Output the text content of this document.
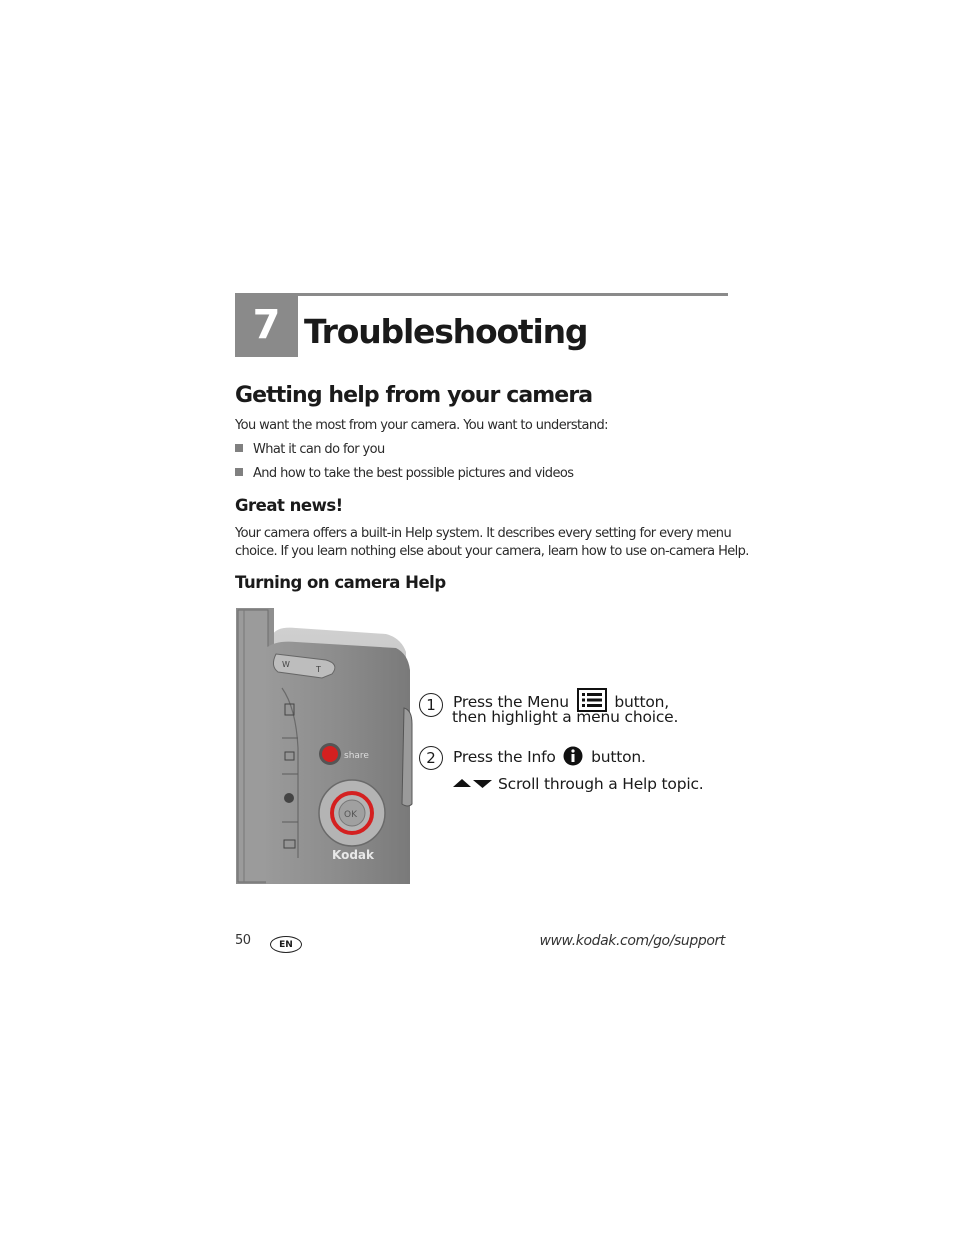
7 Troubleshooting
Getting help from your camera
You want the most from your camera. You want to understand:
What it can do for you
And how to take the best possible pictures and videos
Great news!
Your camera offers a built-in Help system. It describes every setting for every menu
choice. If you learn nothing else about your camera, learn how to use on-camera Help.
Turning on camera Help
W
T
share
OK
Kodak
1	Press the Menu	button,
then highlight a menu choice.
2	Press the Info button.
Scroll through a Help topic.
50	EN	www.kodak.com/go/support
